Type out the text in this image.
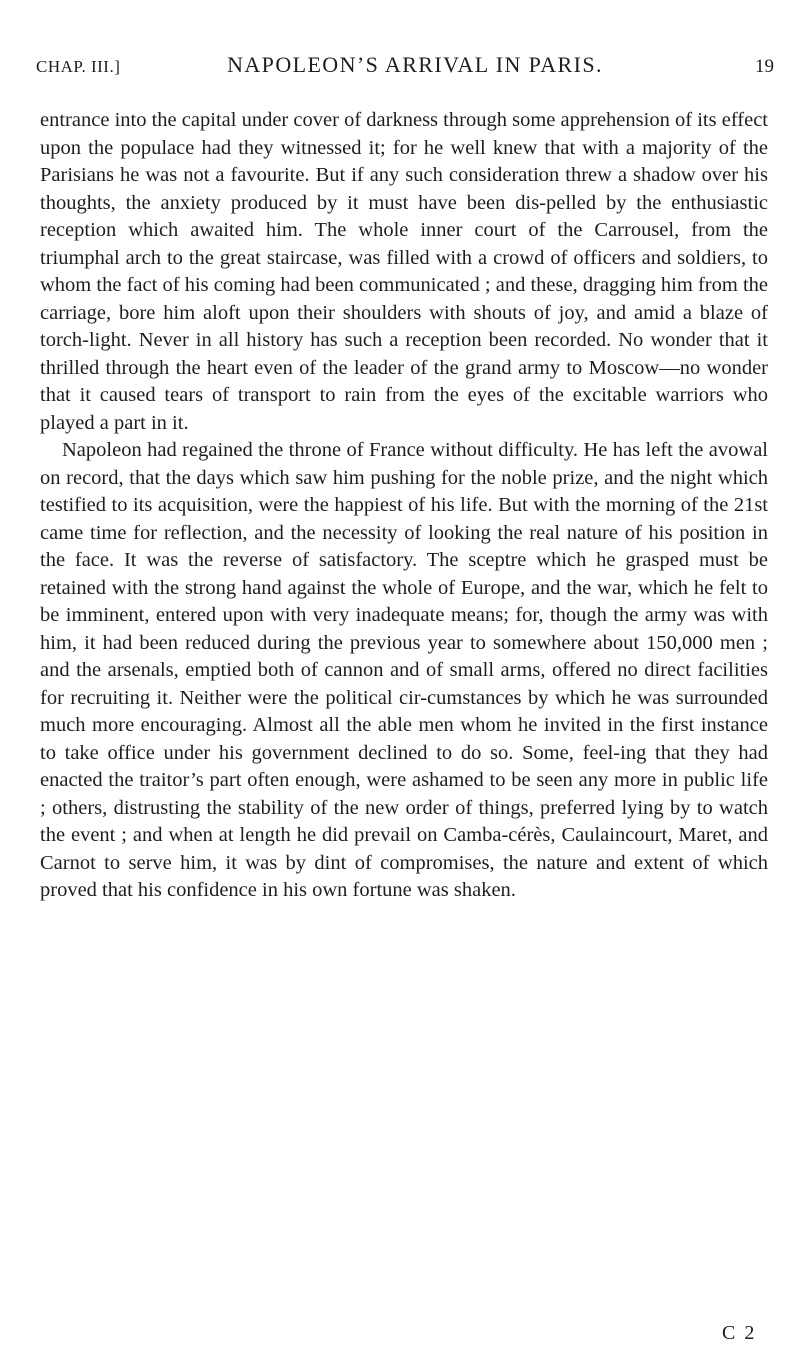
CHAP. III.]	NAPOLEON’S ARRIVAL IN PARIS.	19

entrance into the capital under cover of darkness through some apprehension of its effect upon the populace had they witnessed it; for he well knew that with a majority of the Parisians he was not a favourite. But if any such consideration threw a shadow over his thoughts, the anxiety produced by it must have been dis-pelled by the enthusiastic reception which awaited him. The whole inner court of the Carrousel, from the triumphal arch to the great staircase, was filled with a crowd of officers and soldiers, to whom the fact of his coming had been communicated ; and these, dragging him from the carriage, bore him aloft upon their shoulders with shouts of joy, and amid a blaze of torch-light. Never in all history has such a reception been recorded. No wonder that it thrilled through the heart even of the leader of the grand army to Moscow—no wonder that it caused tears of transport to rain from the eyes of the excitable warriors who played a part in it.

Napoleon had regained the throne of France without difficulty. He has left the avowal on record, that the days which saw him pushing for the noble prize, and the night which testified to its acquisition, were the happiest of his life. But with the morning of the 21st came time for reflection, and the necessity of looking the real nature of his position in the face. It was the reverse of satisfactory. The sceptre which he grasped must be retained with the strong hand against the whole of Europe, and the war, which he felt to be imminent, entered upon with very inadequate means; for, though the army was with him, it had been reduced during the previous year to somewhere about 150,000 men ; and the arsenals, emptied both of cannon and of small arms, offered no direct facilities for recruiting it. Neither were the political cir-cumstances by which he was surrounded much more encouraging. Almost all the able men whom he invited in the first instance to take office under his government declined to do so. Some, feel-ing that they had enacted the traitor’s part often enough, were ashamed to be seen any more in public life ; others, distrusting the stability of the new order of things, preferred lying by to watch the event ; and when at length he did prevail on Camba-cérès, Caulaincourt, Maret, and Carnot to serve him, it was by dint of compromises, the nature and extent of which proved that his confidence in his own fortune was shaken.

C 2
